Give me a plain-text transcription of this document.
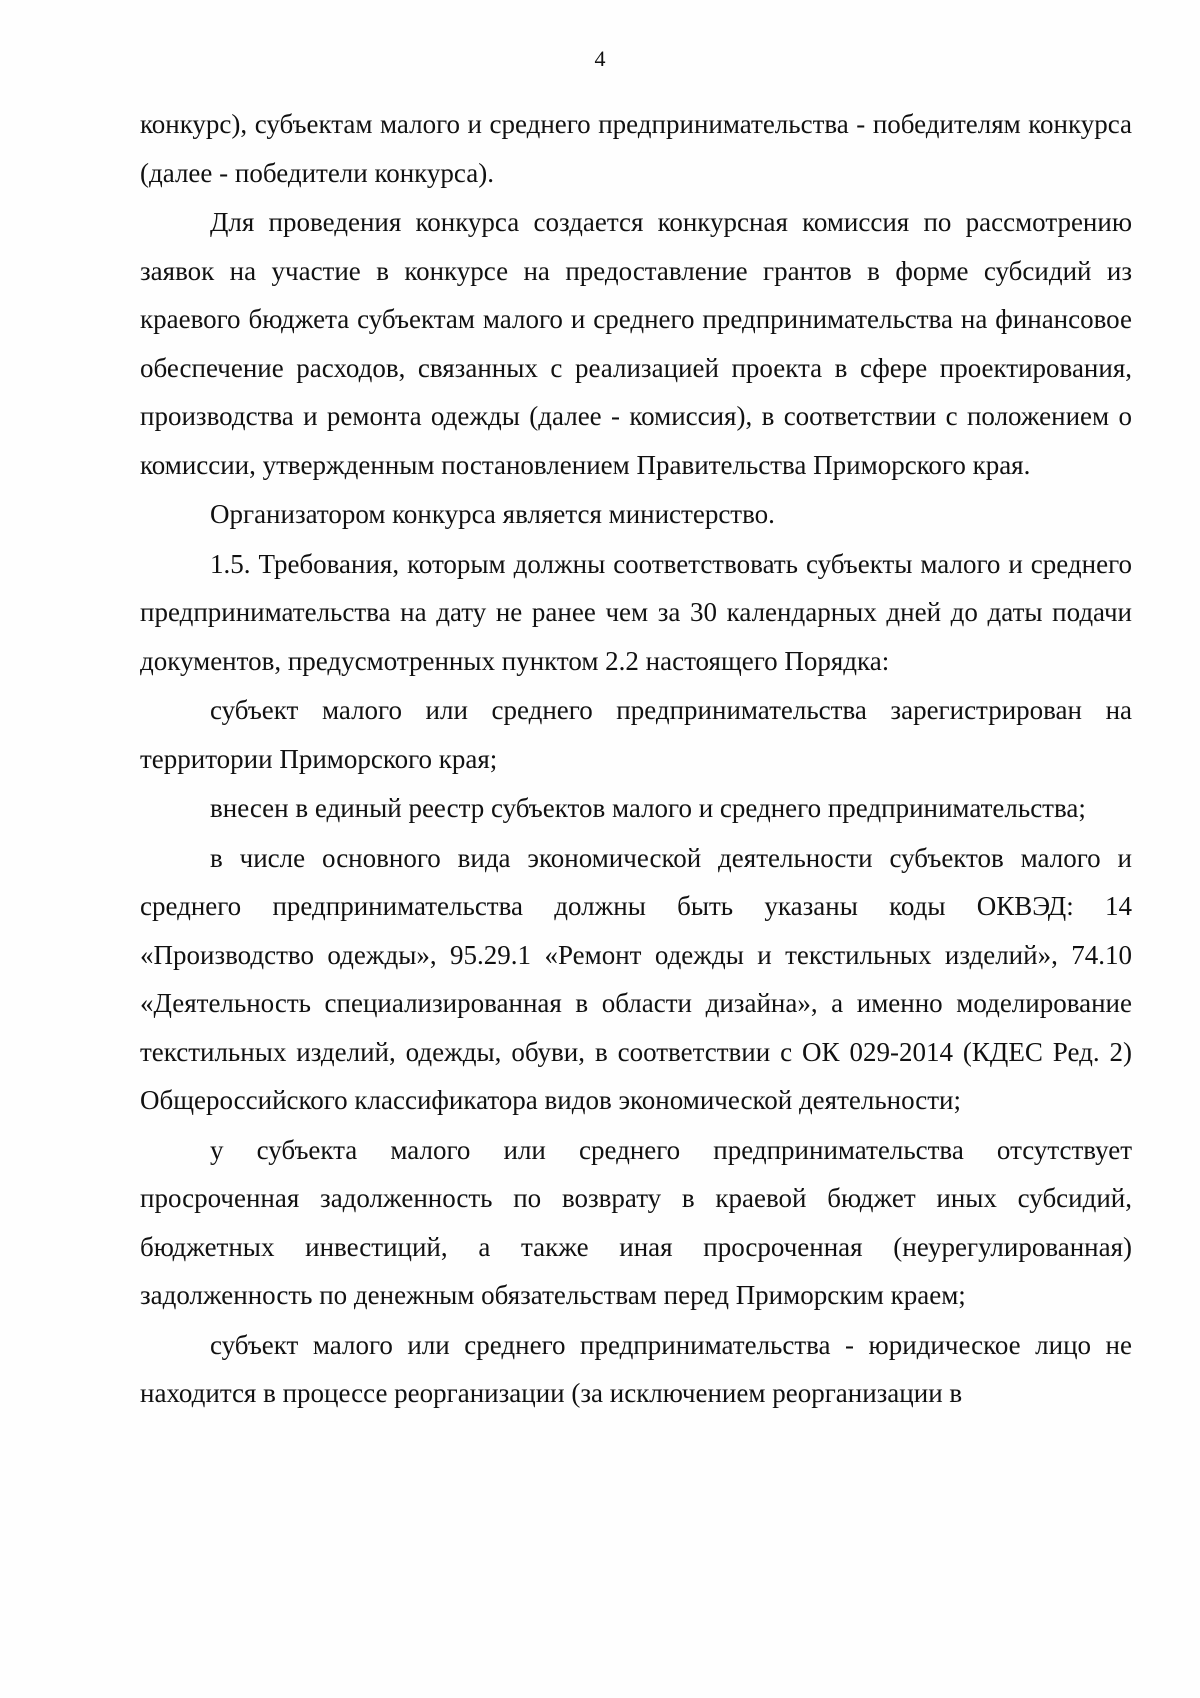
4

конкурс), субъектам малого и среднего предпринимательства - победителям конкурса (далее - победители конкурса).

Для проведения конкурса создается конкурсная комиссия по рассмотрению заявок на участие в конкурсе на предоставление грантов в форме субсидий из краевого бюджета субъектам малого и среднего предпринимательства на финансовое обеспечение расходов, связанных с реализацией проекта в сфере проектирования, производства и ремонта одежды (далее - комиссия), в соответствии с положением о комиссии, утвержденным постановлением Правительства Приморского края.

Организатором конкурса является министерство.

1.5. Требования, которым должны соответствовать субъекты малого и среднего предпринимательства на дату не ранее чем за 30 календарных дней до даты подачи документов, предусмотренных пунктом 2.2 настоящего Порядка:

субъект малого или среднего предпринимательства зарегистрирован на территории Приморского края;

внесен в единый реестр субъектов малого и среднего предпринимательства;

в числе основного вида экономической деятельности субъектов малого и среднего предпринимательства должны быть указаны коды ОКВЭД: 14 «Производство одежды», 95.29.1 «Ремонт одежды и текстильных изделий», 74.10 «Деятельность специализированная в области дизайна», а именно моделирование текстильных изделий, одежды, обуви, в соответствии с ОК 029-2014 (КДЕС Ред. 2) Общероссийского классификатора видов экономической деятельности;

у субъекта малого или среднего предпринимательства отсутствует просроченная задолженность по возврату в краевой бюджет иных субсидий, бюджетных инвестиций, а также иная просроченная (неурегулированная) задолженность по денежным обязательствам перед Приморским краем;

субъект малого или среднего предпринимательства - юридическое лицо не находится в процессе реорганизации (за исключением реорганизации в
